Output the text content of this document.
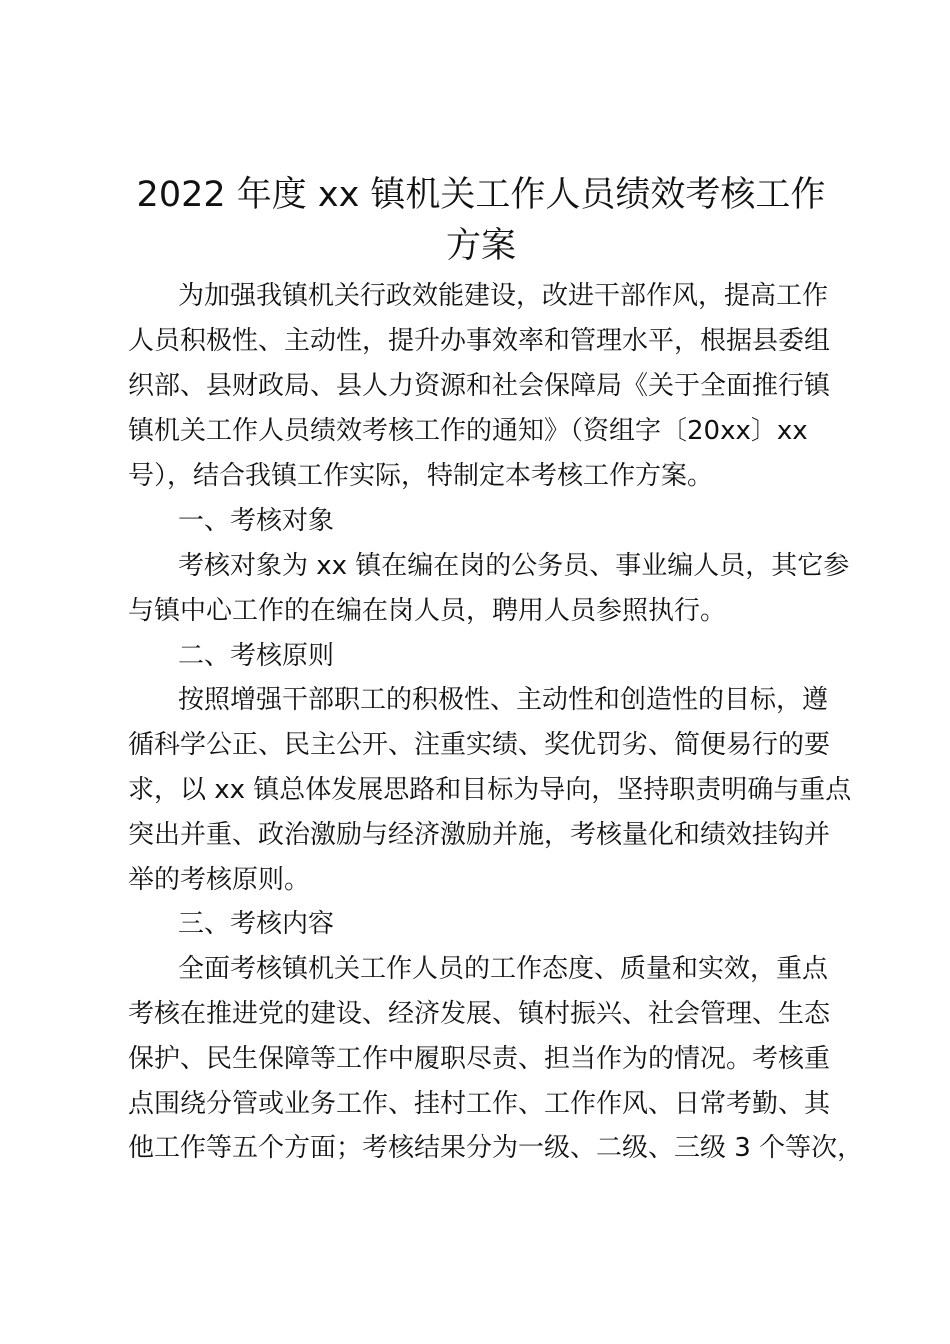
2022 年度 xx 镇机关工作人员绩效考核工作
方案

为加强我镇机关行政效能建设，改进干部作风，提高工作

人员积极性、主动性，提升办事效率和管理水平，根据县委组

织部、县财政局、县人力资源和社会保障局《关于全面推行镇

镇机关工作人员绩效考核工作的通知》（资组字〔20xx〕xx

号），结合我镇工作实际，特制定本考核工作方案。

一、考核对象

考核对象为 xx 镇在编在岗的公务员、事业编人员，其它参

与镇中心工作的在编在岗人员，聘用人员参照执行。

二、考核原则

按照增强干部职工的积极性、主动性和创造性的目标，遵

循科学公正、民主公开、注重实绩、奖优罚劣、简便易行的要

求，以 xx 镇总体发展思路和目标为导向，坚持职责明确与重点

突出并重、政治激励与经济激励并施，考核量化和绩效挂钩并

举的考核原则。

三、考核内容

全面考核镇机关工作人员的工作态度、质量和实效，重点

考核在推进党的建设、经济发展、镇村振兴、社会管理、生态

保护、民生保障等工作中履职尽责、担当作为的情况。考核重

点围绕分管或业务工作、挂村工作、工作作风、日常考勤、其

他工作等五个方面；考核结果分为一级、二级、三级 3 个等次，
